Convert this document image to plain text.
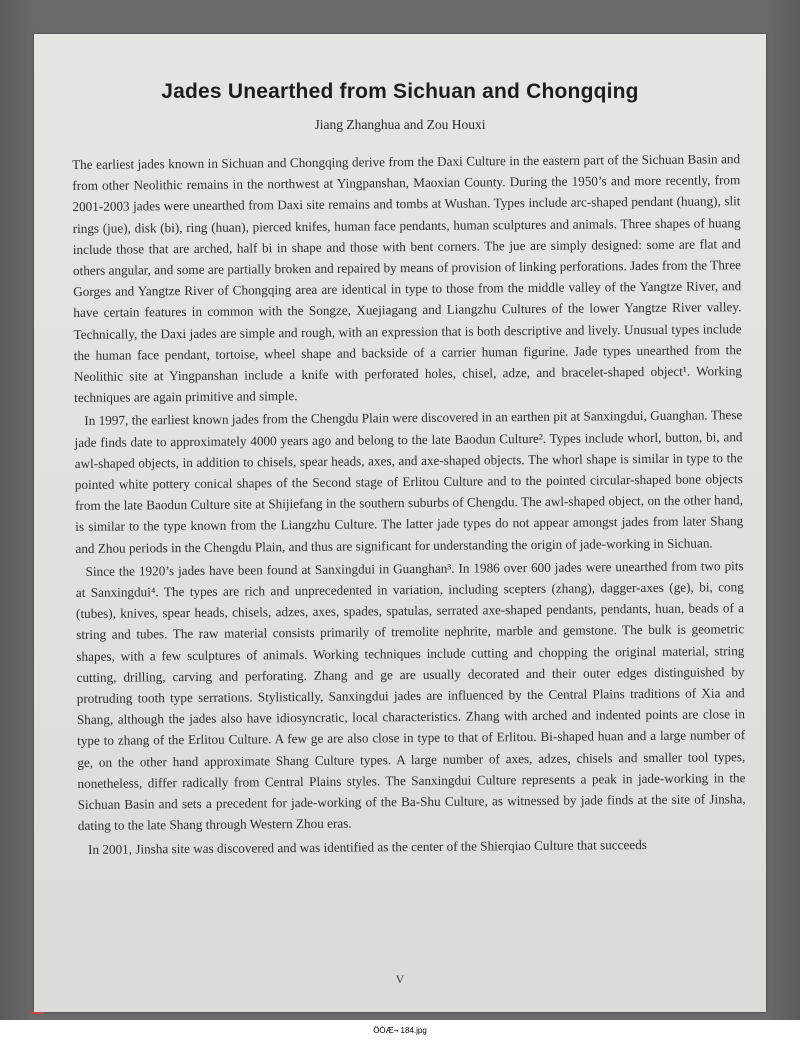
Jades Unearthed from Sichuan and Chongqing
Jiang Zhanghua and Zou Houxi

The earliest jades known in Sichuan and Chongqing derive from the Daxi Culture in the eastern part of the Sichuan Basin and from other Neolithic remains in the northwest at Yingpanshan, Maoxian County. During the 1950’s and more recently, from 2001-2003 jades were unearthed from Daxi site remains and tombs at Wushan. Types include arc-shaped pendant (huang), slit rings (jue), disk (bi), ring (huan), pierced knifes, human face pendants, human sculptures and animals. Three shapes of huang include those that are arched, half bi in shape and those with bent corners. The jue are simply designed: some are flat and others angular, and some are partially broken and repaired by means of provision of linking perforations. Jades from the Three Gorges and Yangtze River of Chongqing area are identical in type to those from the middle valley of the Yangtze River, and have certain features in common with the Songze, Xuejiagang and Liangzhu Cultures of the lower Yangtze River valley. Technically, the Daxi jades are simple and rough, with an expression that is both descriptive and lively. Unusual types include the human face pendant, tortoise, wheel shape and backside of a carrier human figurine. Jade types unearthed from the Neolithic site at Yingpanshan include a knife with perforated holes, chisel, adze, and bracelet-shaped object¹. Working techniques are again primitive and simple.

In 1997, the earliest known jades from the Chengdu Plain were discovered in an earthen pit at Sanxingdui, Guanghan. These jade finds date to approximately 4000 years ago and belong to the late Baodun Culture². Types include whorl, button, bi, and awl-shaped objects, in addition to chisels, spear heads, axes, and axe-shaped objects. The whorl shape is similar in type to the pointed white pottery conical shapes of the Second stage of Erlitou Culture and to the pointed circular-shaped bone objects from the late Baodun Culture site at Shijiefang in the southern suburbs of Chengdu. The awl-shaped object, on the other hand, is similar to the type known from the Liangzhu Culture. The latter jade types do not appear amongst jades from later Shang and Zhou periods in the Chengdu Plain, and thus are significant for understanding the origin of jade-working in Sichuan.

Since the 1920’s jades have been found at Sanxingdui in Guanghan³. In 1986 over 600 jades were unearthed from two pits at Sanxingdui⁴. The types are rich and unprecedented in variation, including scepters (zhang), dagger-axes (ge), bi, cong (tubes), knives, spear heads, chisels, adzes, axes, spades, spatulas, serrated axe-shaped pendants, pendants, huan, beads of a string and tubes. The raw material consists primarily of tremolite nephrite, marble and gemstone. The bulk is geometric shapes, with a few sculptures of animals. Working techniques include cutting and chopping the original material, string cutting, drilling, carving and perforating. Zhang and ge are usually decorated and their outer edges distinguished by protruding tooth type serrations. Stylistically, Sanxingdui jades are influenced by the Central Plains traditions of Xia and Shang, although the jades also have idiosyncratic, local characteristics. Zhang with arched and indented points are close in type to zhang of the Erlitou Culture. A few ge are also close in type to that of Erlitou. Bi-shaped huan and a large number of ge, on the other hand approximate Shang Culture types. A large number of axes, adzes, chisels and smaller tool types, nonetheless, differ radically from Central Plains styles. The Sanxingdui Culture represents a peak in jade-working in the Sichuan Basin and sets a precedent for jade-working of the Ba-Shu Culture, as witnessed by jade finds at the site of Jinsha, dating to the late Shang through Western Zhou eras.

In 2001, Jinsha site was discovered and was identified as the center of the Shierqiao Culture that succeeds

V
ÖÒÆ¬ 184.jpg
